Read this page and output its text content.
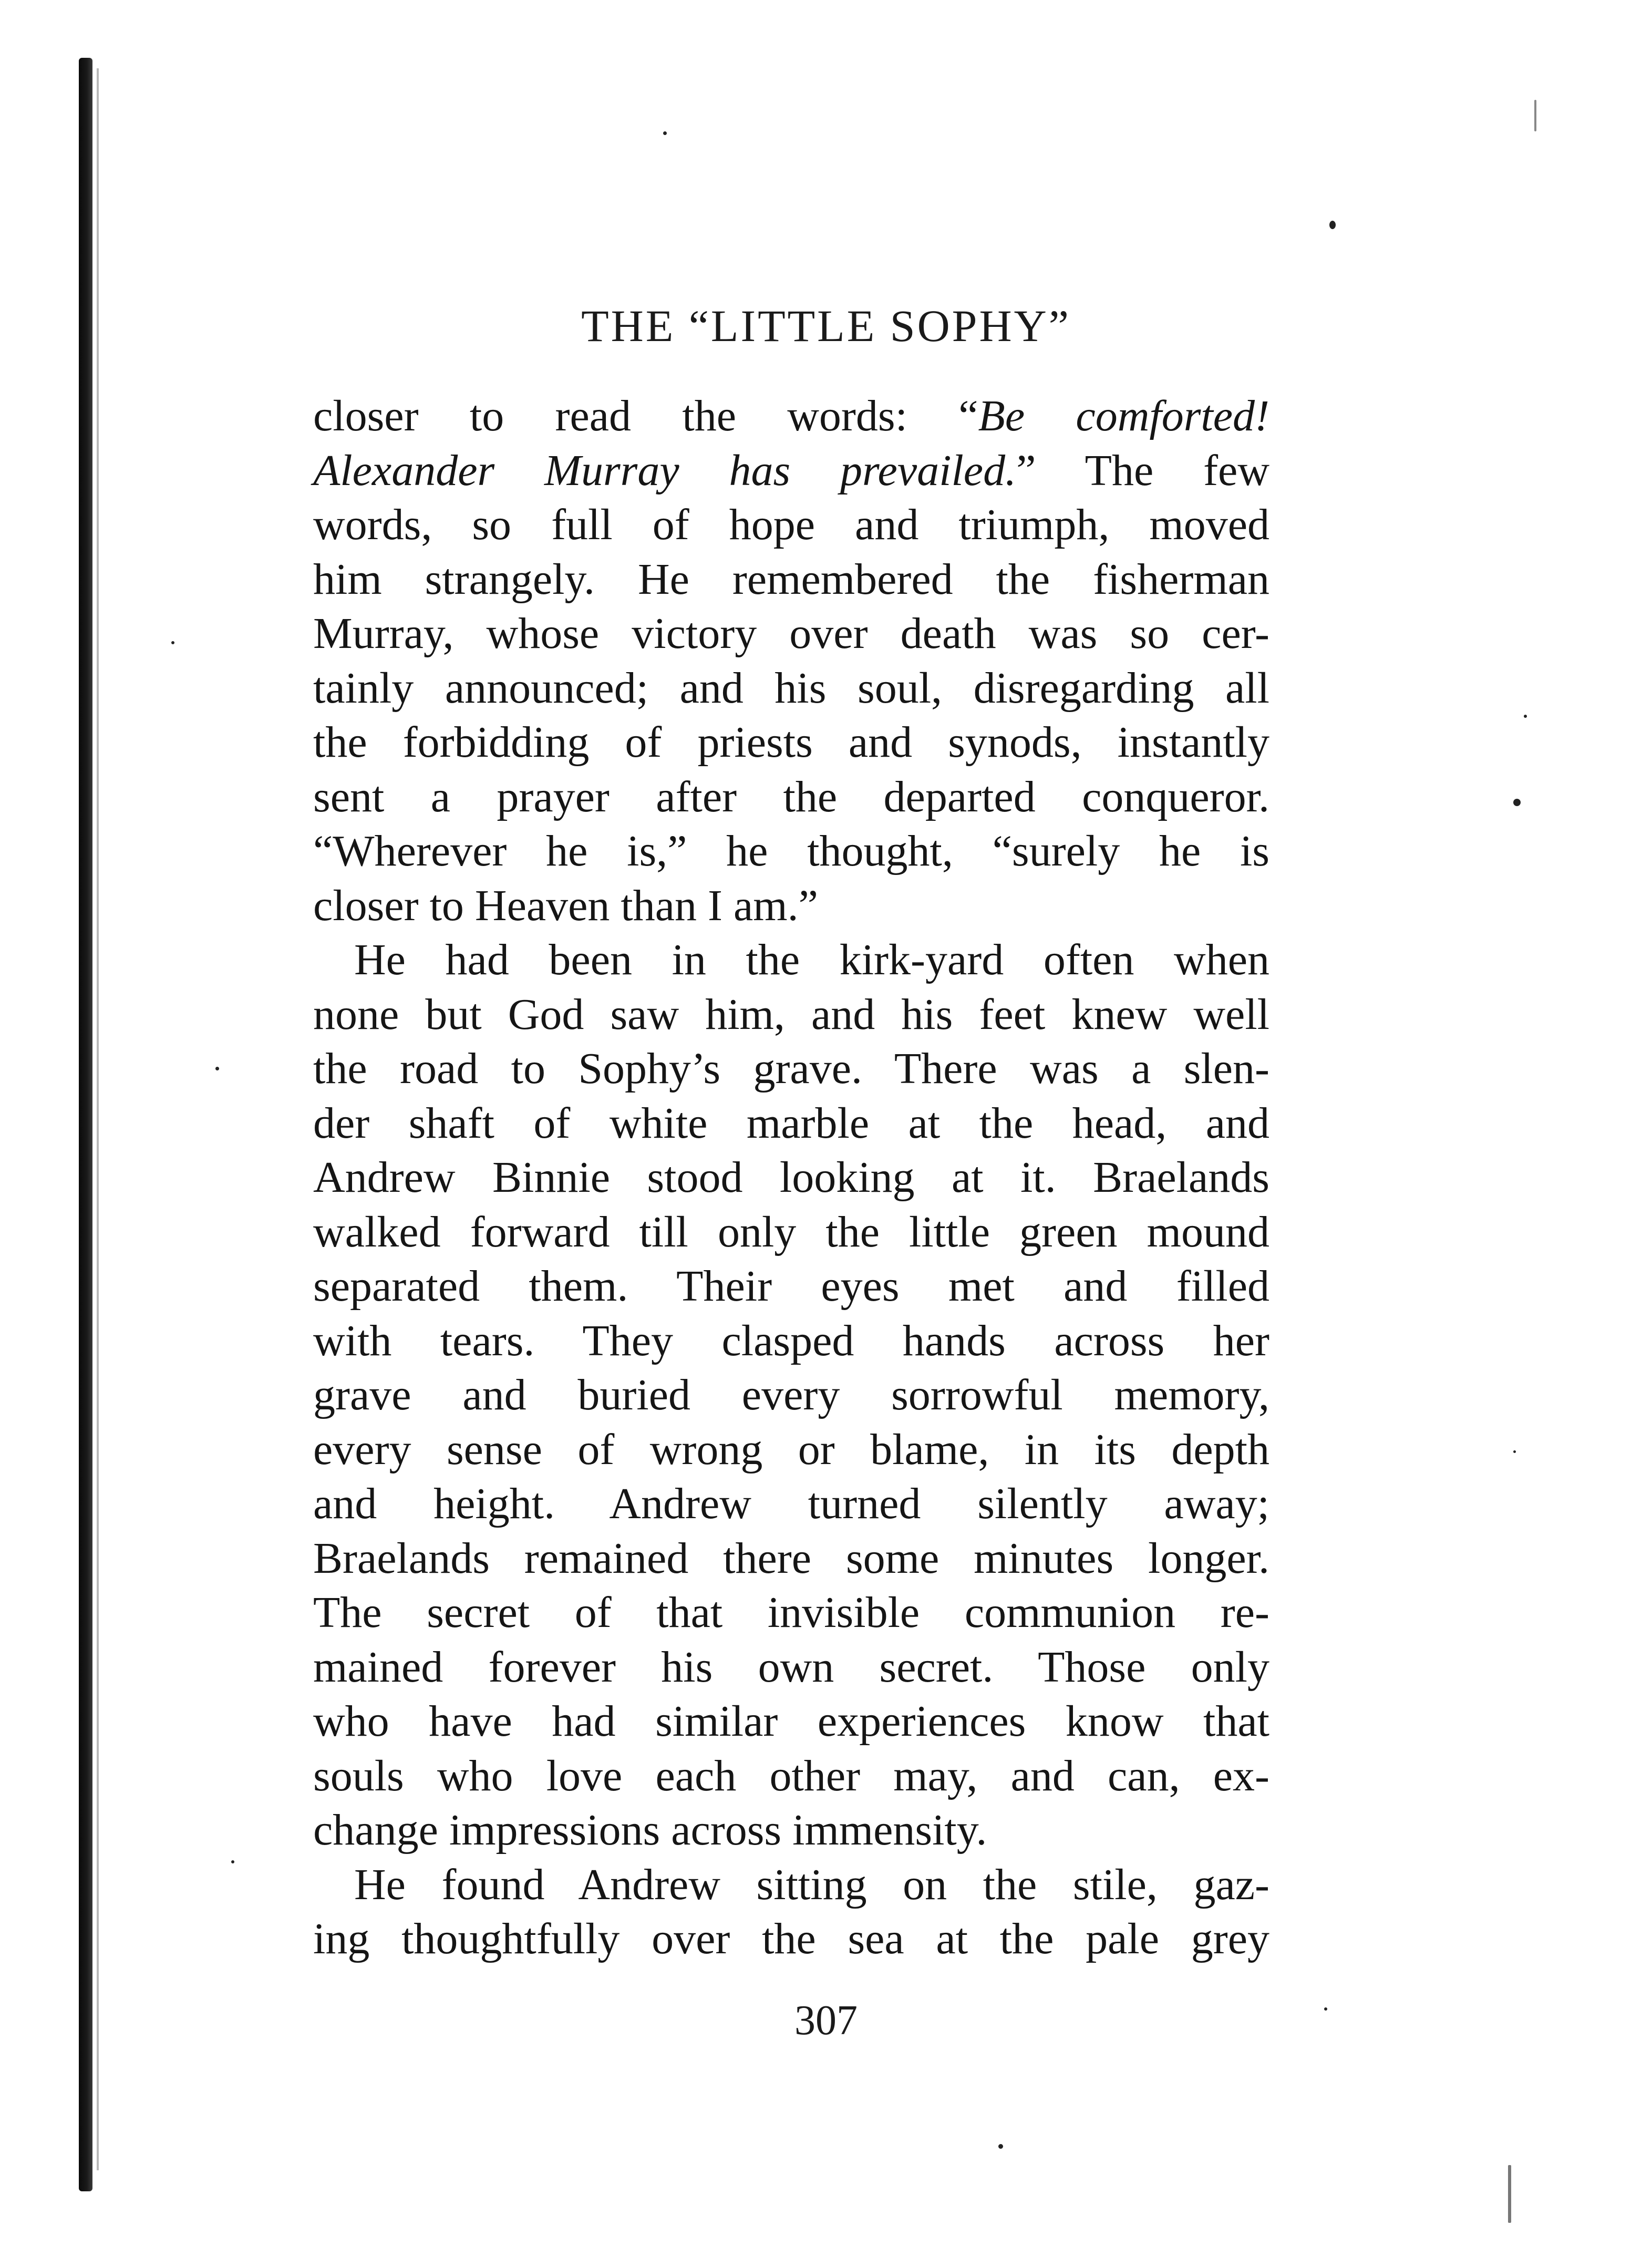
THE “LITTLE SOPHY”
closer to read the words: “Be comforted!
Alexander Murray has prevailed.” The few
words, so full of hope and triumph, moved
him strangely. He remembered the fisherman
Murray, whose victory over death was so cer-
tainly announced; and his soul, disregarding all
the forbidding of priests and synods, instantly
sent a prayer after the departed conqueror.
“Wherever he is,” he thought, “surely he is
closer to Heaven than I am.”
He had been in the kirk-yard often when
none but God saw him, and his feet knew well
the road to Sophy’s grave. There was a slen-
der shaft of white marble at the head, and
Andrew Binnie stood looking at it. Braelands
walked forward till only the little green mound
separated them. Their eyes met and filled
with tears. They clasped hands across her
grave and buried every sorrowful memory,
every sense of wrong or blame, in its depth
and height. Andrew turned silently away;
Braelands remained there some minutes longer.
The secret of that invisible communion re-
mained forever his own secret. Those only
who have had similar experiences know that
souls who love each other may, and can, ex-
change impressions across immensity.
He found Andrew sitting on the stile, gaz-
ing thoughtfully over the sea at the pale grey
307
